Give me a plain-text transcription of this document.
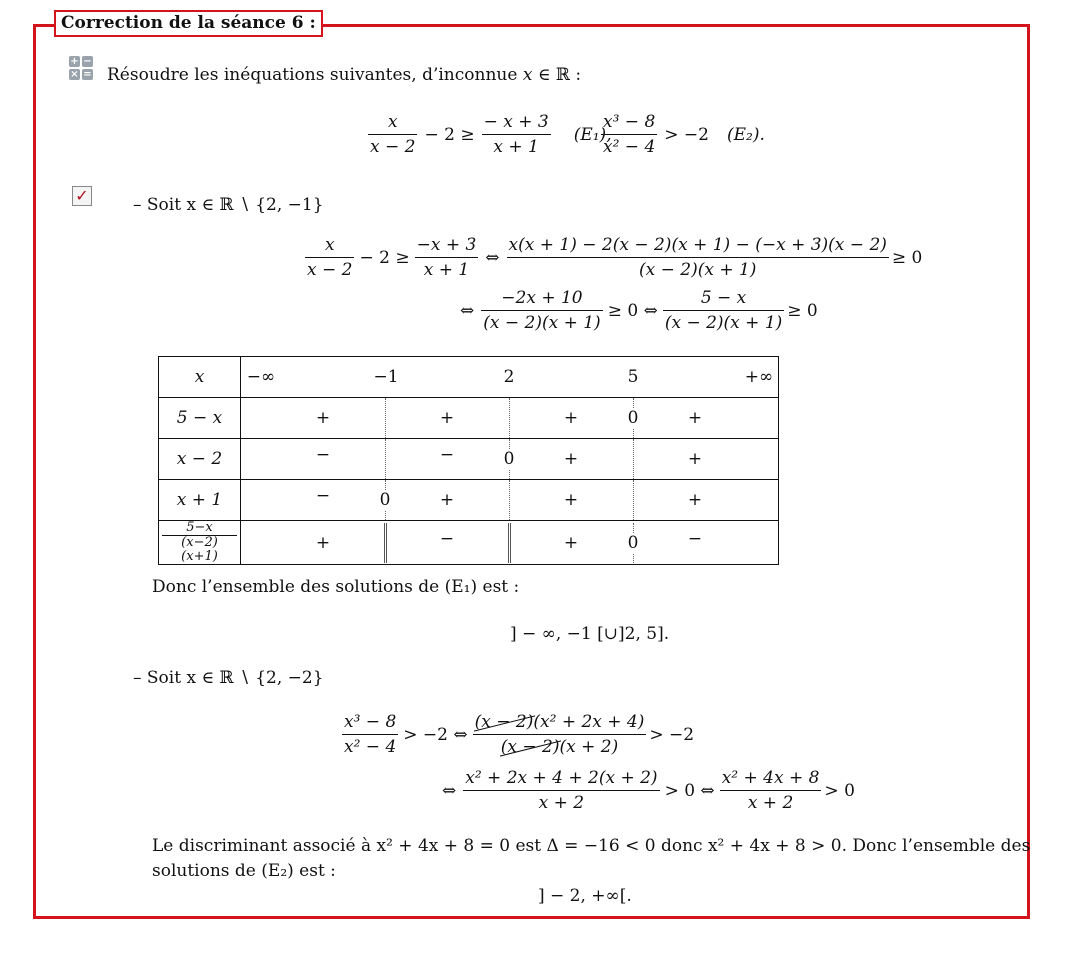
Correction de la séance 6 :
+ −
× = Résoudre les inéquations suivantes, d’inconnue x ∈ ℝ :
$\frac{x}{x - 2} - 2 \ge \frac{- x + 3}{x + 1} (E_1)$,
$\frac{\text{x³ − 8}}{\text{x² − 4}} > -2$ (E₂).
✓	– Soit x ∈ ℝ ∖ {2, −1}
$\frac{x}{x - 2} - 2 \ge \frac{-x + 3}{x + 1}$ ⇔ $\frac{x(x + 1) - 2(x - 2)(x + 1) - (-x + 3)(x - 2)}{(x - 2)(x + 1)} \ge 0$
⇔ $\frac{-2x + 10}{(x - 2)(x + 1)} \ge 0$ ⇔ $\frac{5 - x}{(x - 2)(x + 1)} \ge 0$
x	−∞ −1 2 5 +∞

5 − x	+ + + 0 +

x − 2	− − 0 + +

x + 1	− 0 + + +

$\frac{5-x}{(x-2)(x+1)}$	+ − + 0 −
Donc l’ensemble des solutions de (E₁) est :
] − ∞, −1 [∪]2, 5].
– Soit x ∈ ℝ ∖ {2, −2}
$\frac{\text{x³ − 8}}{\text{x² − 4}} > -2$ ⇔ $\frac{\text{(x − 2)(x² + 2x + 4)}}{(x - 2)(x + 2)} > -2$
⇔ $\frac{\text{x² + 2x + 4 + 2(x + 2)}}{x + 2} > 0$ ⇔ $\frac{\text{x² + 4x + 8}}{x + 2} > 0$
Le discriminant associé à x² + 4x + 8 = 0 est Δ = −16 < 0 donc x² + 4x + 8 > 0. Donc l’ensemble des
solutions de (E₂) est :
] − 2, +∞[.
